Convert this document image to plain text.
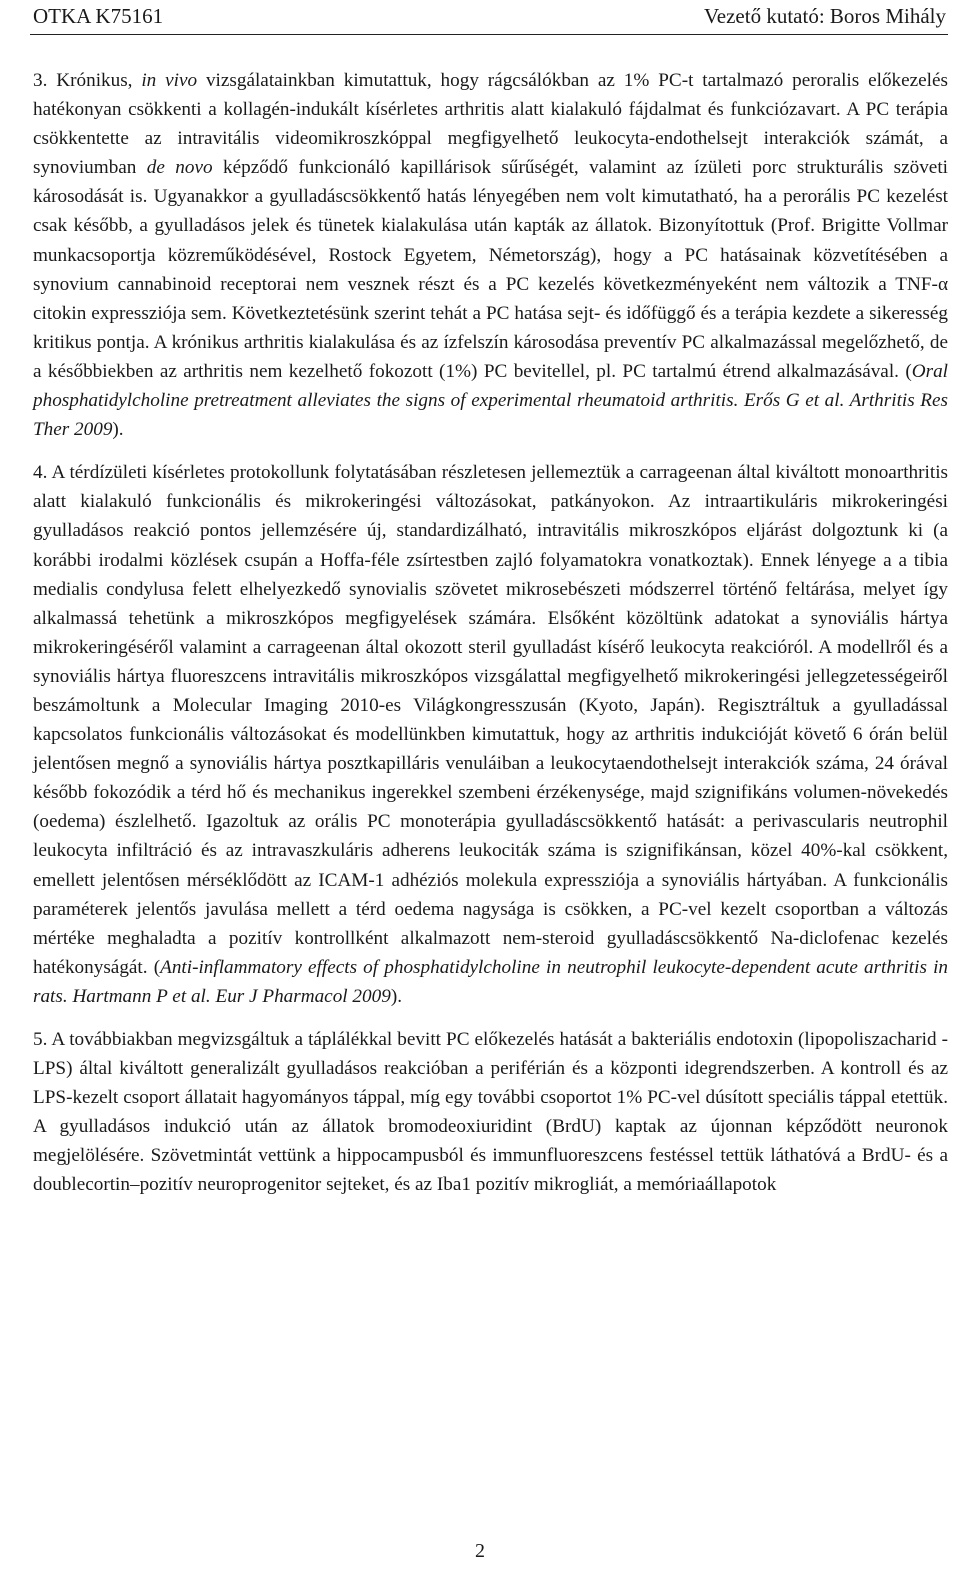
OTKA K75161	Vezető kutató: Boros Mihály

3. Krónikus, in vivo vizsgálatainkban kimutattuk, hogy rágcsálókban az 1% PC-t tartalmazó peroralis előkezelés hatékonyan csökkenti a kollagén-indukált kísérletes arthritis alatt kialakuló fájdalmat és funkciózavart. A PC terápia csökkentette az intravitális videomikroszkóppal megfigyelhető leukocyta-endothelsejt interakciók számát, a synoviumban de novo képződő funkcionáló kapillárisok sűrűségét, valamint az ízületi porc strukturális szöveti károsodását is. Ugyanakkor a gyulladáscsökkentő hatás lényegében nem volt kimutatható, ha a perorális PC kezelést csak később, a gyulladásos jelek és tünetek kialakulása után kapták az állatok. Bizonyítottuk (Prof. Brigitte Vollmar munkacsoportja közreműködésével, Rostock Egyetem, Németország), hogy a PC hatásainak közvetítésében a synovium cannabinoid receptorai nem vesznek részt és a PC kezelés következményeként nem változik a TNF-α citokin expressziója sem. Következtetésünk szerint tehát a PC hatása sejt- és időfüggő és a terápia kezdete a sikeresség kritikus pontja. A krónikus arthritis kialakulása és az ízfelszín károsodása preventív PC alkalmazással megelőzhető, de a későbbiekben az arthritis nem kezelhető fokozott (1%) PC bevitellel, pl. PC tartalmú étrend alkalmazásával. (Oral phosphatidylcholine pretreatment alleviates the signs of experimental rheumatoid arthritis. Erős G et al. Arthritis Res Ther 2009).

4. A térdízületi kísérletes protokollunk folytatásában részletesen jellemeztük a carrageenan által kiváltott monoarthritis alatt kialakuló funkcionális és mikrokeringési változásokat, patkányokon. Az intraartikuláris mikrokeringési gyulladásos reakció pontos jellemzésére új, standardizálható, intravitális mikroszkópos eljárást dolgoztunk ki (a korábbi irodalmi közlések csupán a Hoffa-féle zsírtestben zajló folyamatokra vonatkoztak). Ennek lényege a a tibia medialis condylusa felett elhelyezkedő synovialis szövetet mikrosebészeti módszerrel történő feltárása, melyet így alkalmassá tehetünk a mikroszkópos megfigyelések számára. Elsőként közöltünk adatokat a synoviális hártya mikrokeringéséről valamint a carrageenan által okozott steril gyulladást kísérő leukocyta reakcióról. A modellről és a synoviális hártya fluoreszcens intravitális mikroszkópos vizsgálattal megfigyelhető mikrokeringési jellegzetességeiről beszámoltunk a Molecular Imaging 2010-es Világkongresszusán (Kyoto, Japán). Regisztráltuk a gyulladással kapcsolatos funkcionális változásokat és modellünkben kimutattuk, hogy az arthritis indukcióját követő 6 órán belül jelentősen megnő a synoviális hártya posztkapilláris venuláiban a leukocytaendothelsejt interakciók száma, 24 órával később fokozódik a térd hő és mechanikus ingerekkel szembeni érzékenysége, majd szignifikáns volumen-növekedés (oedema) észlelhető. Igazoltuk az orális PC monoterápia gyulladáscsökkentő hatását: a perivascularis neutrophil leukocyta infiltráció és az intravaszkuláris adherens leukociták száma is szignifikánsan, közel 40%-kal csökkent, emellett jelentősen mérséklődött az ICAM-1 adhéziós molekula expressziója a synoviális hártyában. A funkcionális paraméterek jelentős javulása mellett a térd oedema nagysága is csökken, a PC-vel kezelt csoportban a változás mértéke meghaladta a pozitív kontrollként alkalmazott nem-steroid gyulladáscsökkentő Na-diclofenac kezelés hatékonyságát. (Anti-inflammatory effects of phosphatidylcholine in neutrophil leukocyte-dependent acute arthritis in rats. Hartmann P et al. Eur J Pharmacol 2009).

5. A továbbiakban megvizsgáltuk a táplálékkal bevitt PC előkezelés hatását a bakteriális endotoxin (lipopoliszacharid - LPS) által kiváltott generalizált gyulladásos reakcióban a periférián és a központi idegrendszerben. A kontroll és az LPS-kezelt csoport állatait hagyományos táppal, míg egy további csoportot 1% PC-vel dúsított speciális táppal etettük. A gyulladásos indukció után az állatok bromodeoxiuridint (BrdU) kaptak az újonnan képződött neuronok megjelölésére. Szövetmintát vettünk a hippocampusból és immunfluoreszcens festéssel tettük láthatóvá a BrdU- és a doublecortin–pozitív neuroprogenitor sejteket, és az Iba1 pozitív mikrogliát, a memóriaállapotok

2
